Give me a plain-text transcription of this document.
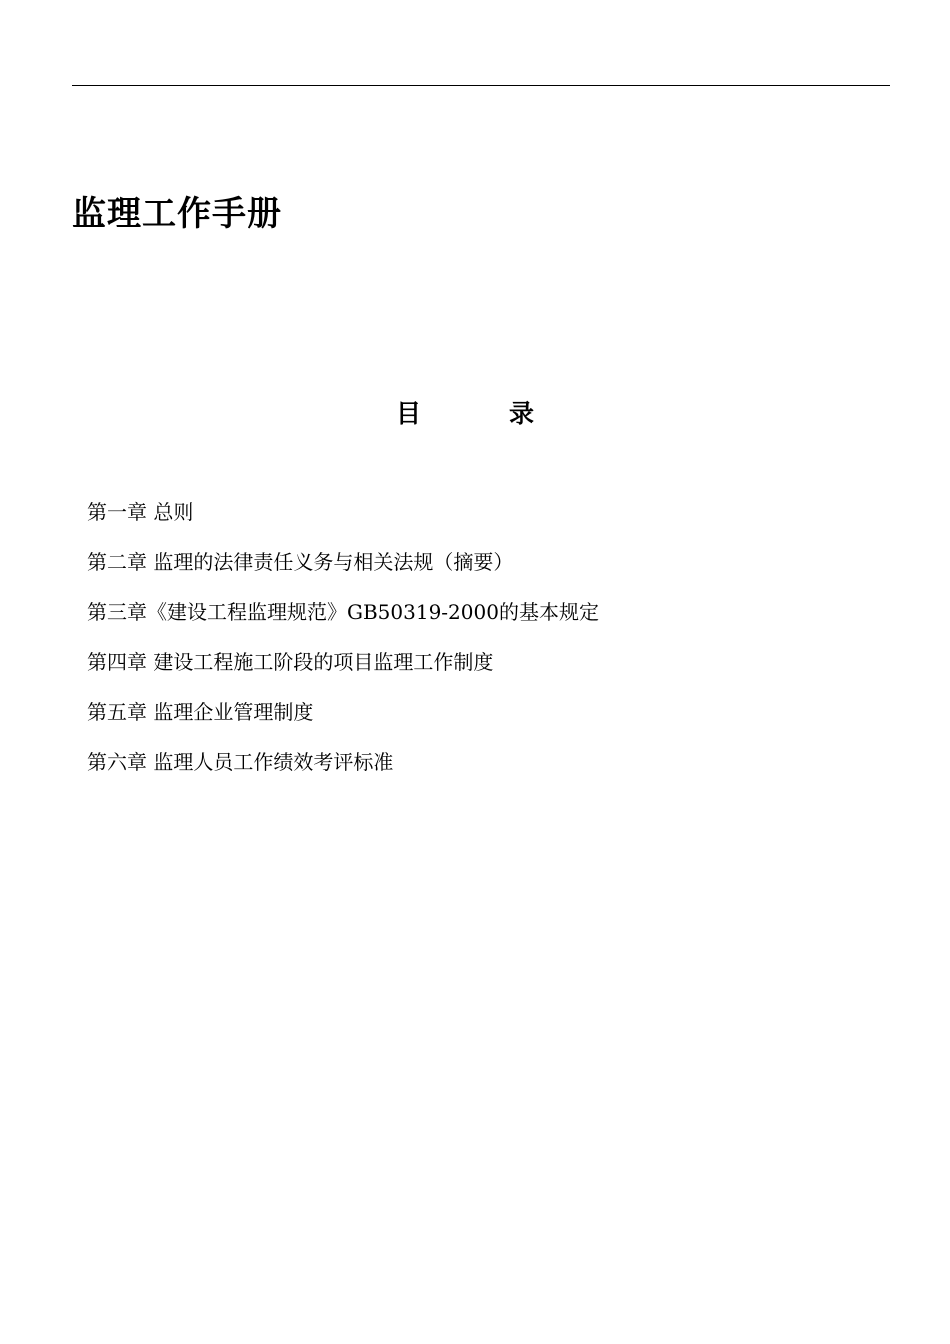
监理工作手册
目	录
第一章 总则
第二章 监理的法律责任义务与相关法规（摘要）
第三章《建设工程监理规范》GB50319-2000的基本规定
第四章 建设工程施工阶段的项目监理工作制度
第五章 监理企业管理制度
第六章 监理人员工作绩效考评标准
